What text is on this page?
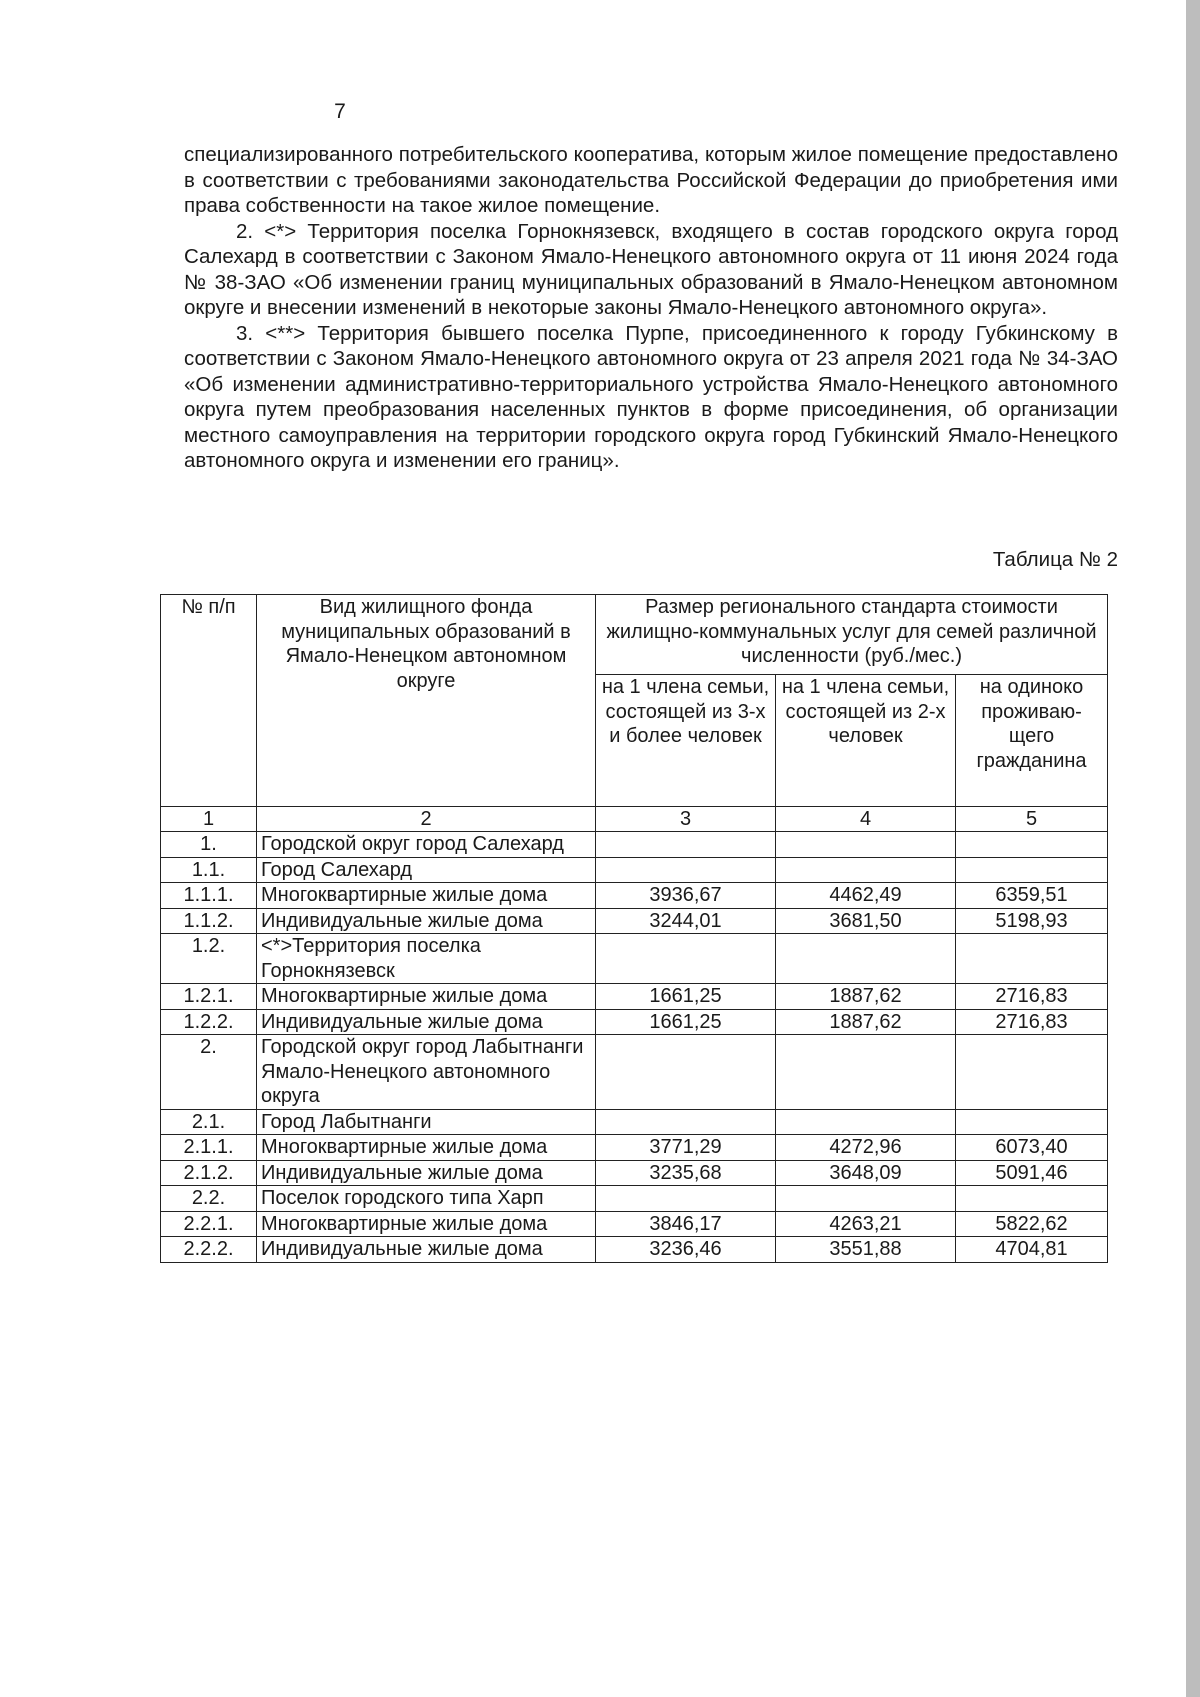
7

специализированного потребительского кооператива, которым жилое помещение предоставлено в соответствии с требованиями законодательства Российской Федерации до приобретения ими права собственности на такое жилое помещение.

2. <*> Территория поселка Горнокнязевск, входящего в состав городского округа город Салехард в соответствии с Законом Ямало-Ненецкого автономного округа от 11 июня 2024 года № 38-ЗАО «Об изменении границ муниципальных образований в Ямало-Ненецком автономном округе и внесении изменений в некоторые законы Ямало-Ненецкого автономного округа».

3. <**> Территория бывшего поселка Пурпе, присоединенного к городу Губкинскому в соответствии с Законом Ямало-Ненецкого автономного округа от 23 апреля 2021 года № 34-ЗАО «Об изменении административно-территориального устройства Ямало-Ненецкого автономного округа путем преобразования населенных пунктов в форме присоединения, об организации местного самоуправления на территории городского округа город Губкинский Ямало-Ненецкого автономного округа и изменении его границ».

Таблица № 2
№ п/п	Вид жилищного фонда муниципальных образований в Ямало-Ненецком автономном округе	Размер регионального стандарта стоимости жилищно-коммунальных услуг для семей различной численности (руб./мес.)		
		на 1 члена семьи, состоящей из 3-х и более человек	на 1 члена семьи, состоящей из 2-х человек	на одиноко проживаю-щего гражданина
1	2	3	4	5
1.	Городской округ город Салехард			
1.1.	Город Салехард			
1.1.1.	Многоквартирные жилые дома	3936,67	4462,49	6359,51
1.1.2.	Индивидуальные жилые дома	3244,01	3681,50	5198,93
1.2.	<*>Территория поселка Горнокнязевск			
1.2.1.	Многоквартирные жилые дома	1661,25	1887,62	2716,83
1.2.2.	Индивидуальные жилые дома	1661,25	1887,62	2716,83
2.	Городской округ город Лабытнанги Ямало-Ненецкого автономного округа			
2.1.	Город Лабытнанги			
2.1.1.	Многоквартирные жилые дома	3771,29	4272,96	6073,40
2.1.2.	Индивидуальные жилые дома	3235,68	3648,09	5091,46
2.2.	Поселок городского типа Харп			
2.2.1.	Многоквартирные жилые дома	3846,17	4263,21	5822,62
2.2.2.	Индивидуальные жилые дома	3236,46	3551,88	4704,81
